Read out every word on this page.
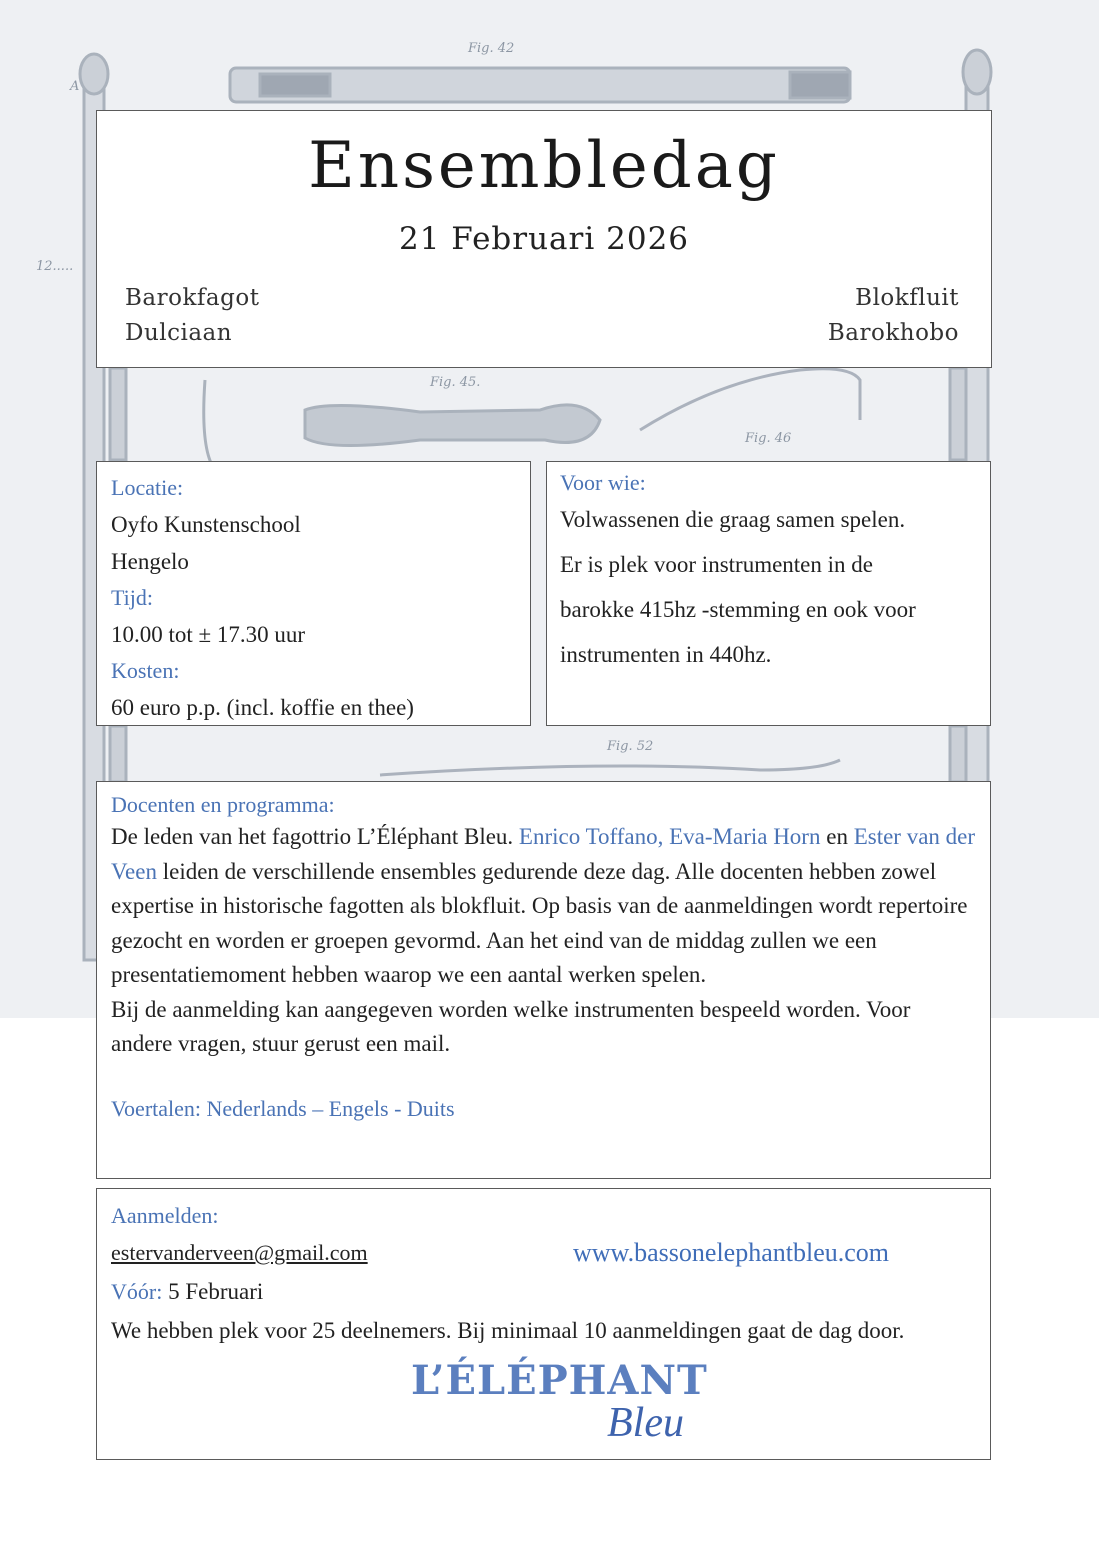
Fig. 42
Fig. 45.
Fig. 46
Fig. 52
A
12.....
Ensembledag
21 Februari 2026
Barokfagot
Dulciaan
Blokfluit
Barokhobo
Locatie:
Oyfo Kunstenschool
Hengelo
Tijd:
10.00 tot ± 17.30 uur
Kosten:
60 euro p.p. (incl. koffie en thee)
Voor wie:
Volwassenen die graag samen spelen.
Er is plek voor instrumenten in de
barokke 415hz -stemming en ook voor
instrumenten in 440hz.
Docenten en programma:
De leden van het fagottrio L’Éléphant Bleu. Enrico Toffano, Eva-Maria Horn en Ester van der Veen leiden de verschillende ensembles gedurende deze dag. Alle docenten hebben zowel expertise in historische fagotten als blokfluit. Op basis van de aanmeldingen wordt repertoire gezocht en worden er groepen gevormd. Aan het eind van de middag zullen we een presentatiemoment hebben waarop we een aantal werken spelen.
Bij de aanmelding kan aangegeven worden welke instrumenten bespeeld worden. Voor andere vragen, stuur gerust een mail.
Voertalen: Nederlands – Engels - Duits
Aanmelden:
estervanderveen@gmail.com	www.bassonelephantbleu.com
Vóór: 5 Februari
We hebben plek voor 25 deelnemers. Bij minimaal 10 aanmeldingen gaat de dag door.
L’ÉLÉPHANT
Bleu
